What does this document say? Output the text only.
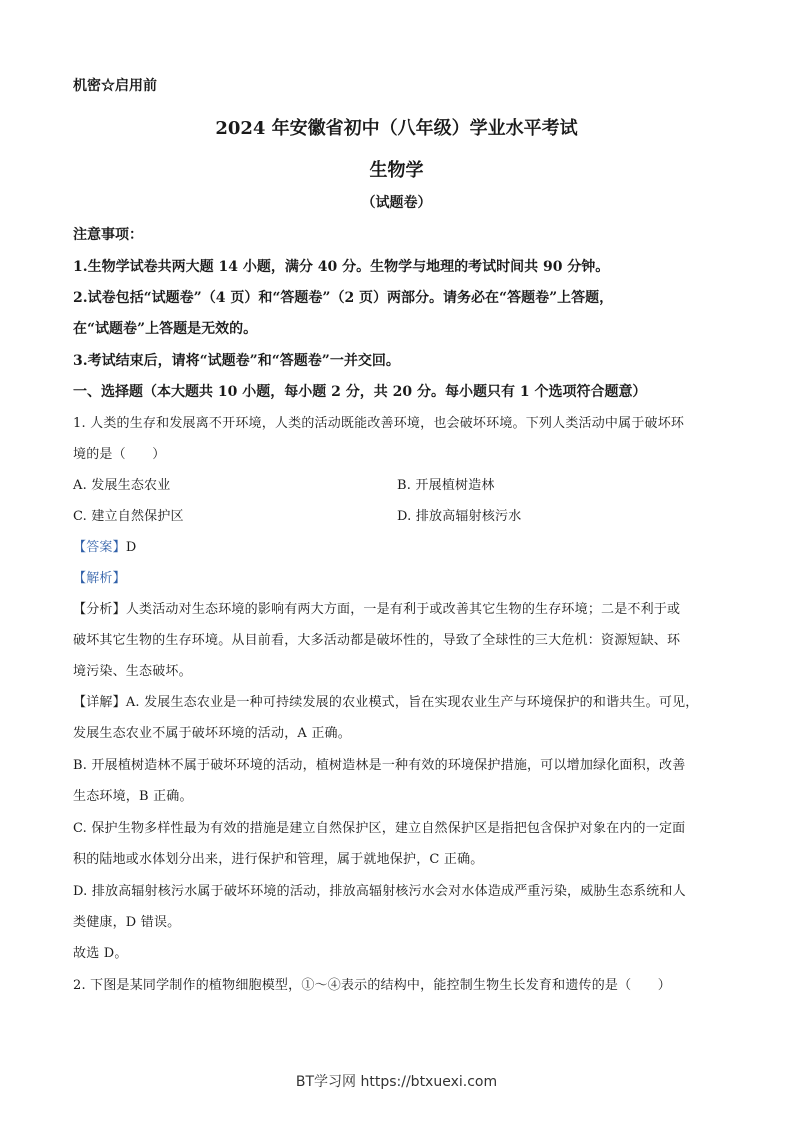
机密☆启用前
2024 年安徽省初中（八年级）学业水平考试
生物学
（试题卷）
注意事项：
1.生物学试卷共两大题 14 小题，满分 40 分。生物学与地理的考试时间共 90 分钟。
2.试卷包括“试题卷”（4 页）和“答题卷”（2 页）两部分。请务必在“答题卷”上答题，
在“试题卷”上答题是无效的。
3.考试结束后，请将“试题卷”和“答题卷”一并交回。
一、选择题（本大题共 10 小题，每小题 2 分，共 20 分。每小题只有 1 个选项符合题意）
1. 人类的生存和发展离不开环境，人类的活动既能改善环境，也会破坏环境。下列人类活动中属于破坏环
境的是（　　）
A. 发展生态农业	B. 开展植树造林
C. 建立自然保护区	D. 排放高辐射核污水
【答案】D
【解析】
【分析】人类活动对生态环境的影响有两大方面，一是有利于或改善其它生物的生存环境；二是不利于或
破坏其它生物的生存环境。从目前看，大多活动都是破坏性的，导致了全球性的三大危机：资源短缺、环
境污染、生态破坏。
【详解】A. 发展生态农业是一种可持续发展的农业模式，旨在实现农业生产与环境保护的和谐共生。可见，
发展生态农业不属于破坏环境的活动，A 正确。
B. 开展植树造林不属于破坏环境的活动，植树造林是一种有效的环境保护措施，可以增加绿化面积，改善
生态环境，B 正确。
C. 保护生物多样性最为有效的措施是建立自然保护区，建立自然保护区是指把包含保护对象在内的一定面
积的陆地或水体划分出来，进行保护和管理，属于就地保护，C 正确。
D. 排放高辐射核污水属于破坏环境的活动，排放高辐射核污水会对水体造成严重污染，威胁生态系统和人
类健康，D 错误。
故选 D。
2. 下图是某同学制作的植物细胞模型，①～④表示的结构中，能控制生物生长发育和遗传的是（　　）
BT学习网 https://btxuexi.com
